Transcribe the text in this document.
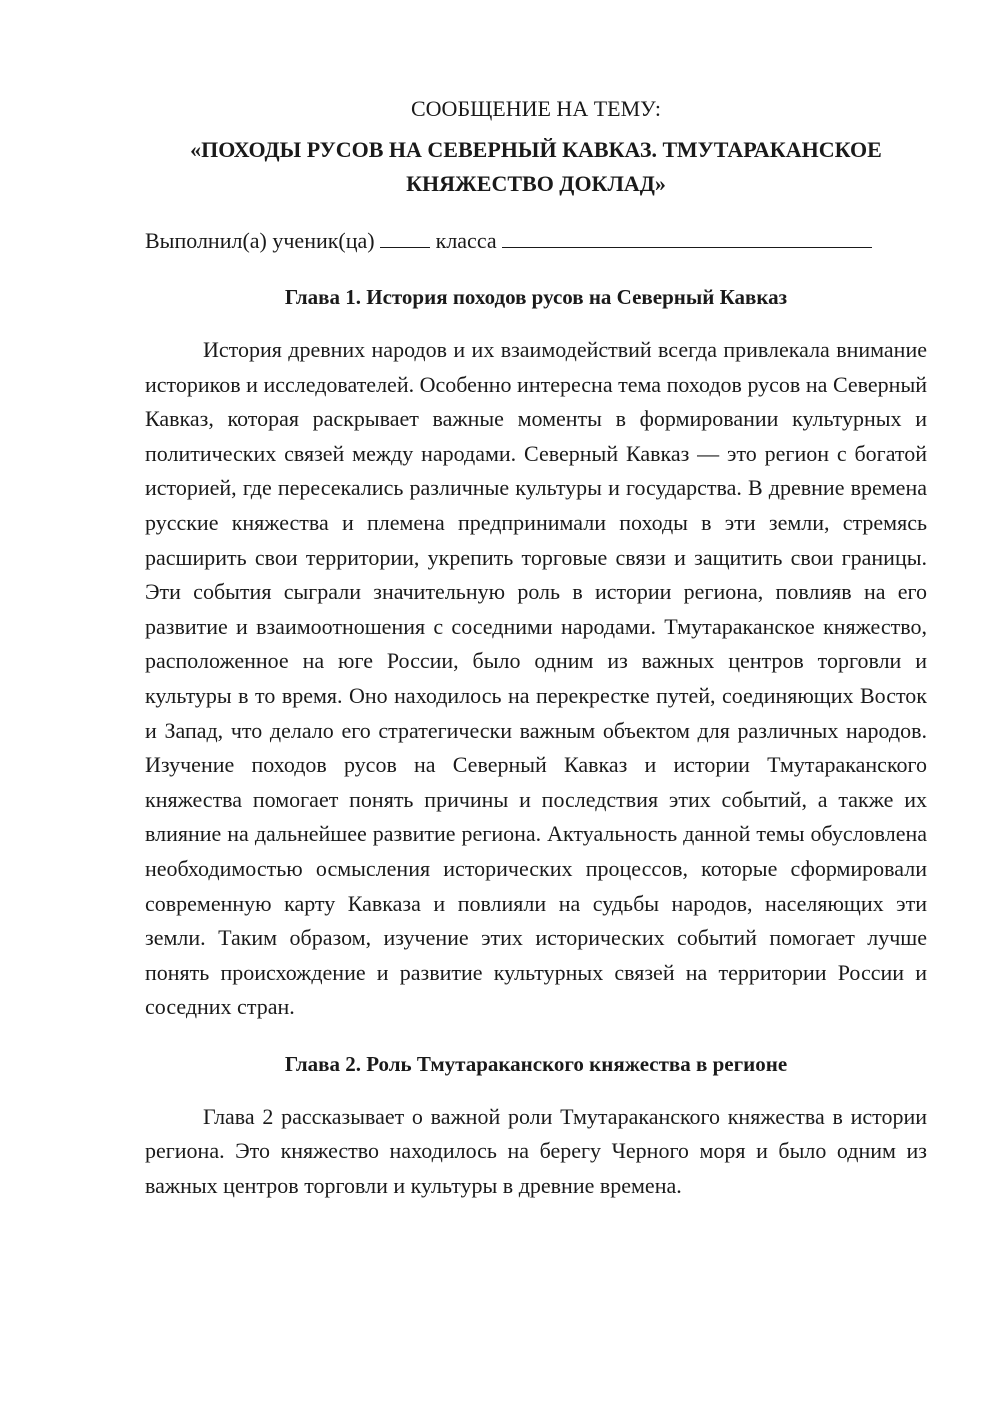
СООБЩЕНИЕ НА ТЕМУ:

«ПОХОДЫ РУСОВ НА СЕВЕРНЫЙ КАВКАЗ. ТМУТАРАКАНСКОЕ
КНЯЖЕСТВО ДОКЛАД»

Выполнил(а) ученик(ца)	класса

Глава 1. История походов русов на Северный Кавказ

История древних народов и их взаимодействий всегда привлекала внимание историков и исследователей. Особенно интересна тема походов русов на Северный Кавказ, которая раскрывает важные моменты в формировании культурных и политических связей между народами. Северный Кавказ — это регион с богатой историей, где пересекались различные культуры и государства. В древние времена русские княжества и племена предпринимали походы в эти земли, стремясь расширить свои территории, укрепить торговые связи и защитить свои границы. Эти события сыграли значительную роль в истории региона, повлияв на его развитие и взаимоотношения с соседними народами. Тмутараканское княжество, расположенное на юге России, было одним из важных центров торговли и культуры в то время. Оно находилось на перекрестке путей, соединяющих Восток и Запад, что делало его стратегически важным объектом для различных народов. Изучение походов русов на Северный Кавказ и истории Тмутараканского княжества помогает понять причины и последствия этих событий, а также их влияние на дальнейшее развитие региона. Актуальность данной темы обусловлена необходимостью осмысления исторических процессов, которые сформировали современную карту Кавказа и повлияли на судьбы народов, населяющих эти земли. Таким образом, изучение этих исторических событий помогает лучше понять происхождение и развитие культурных связей на территории России и соседних стран.

Глава 2. Роль Тмутараканского княжества в регионе

Глава 2 рассказывает о важной роли Тмутараканского княжества в истории региона. Это княжество находилось на берегу Черного моря и было одним из важных центров торговли и культуры в древние времена.
